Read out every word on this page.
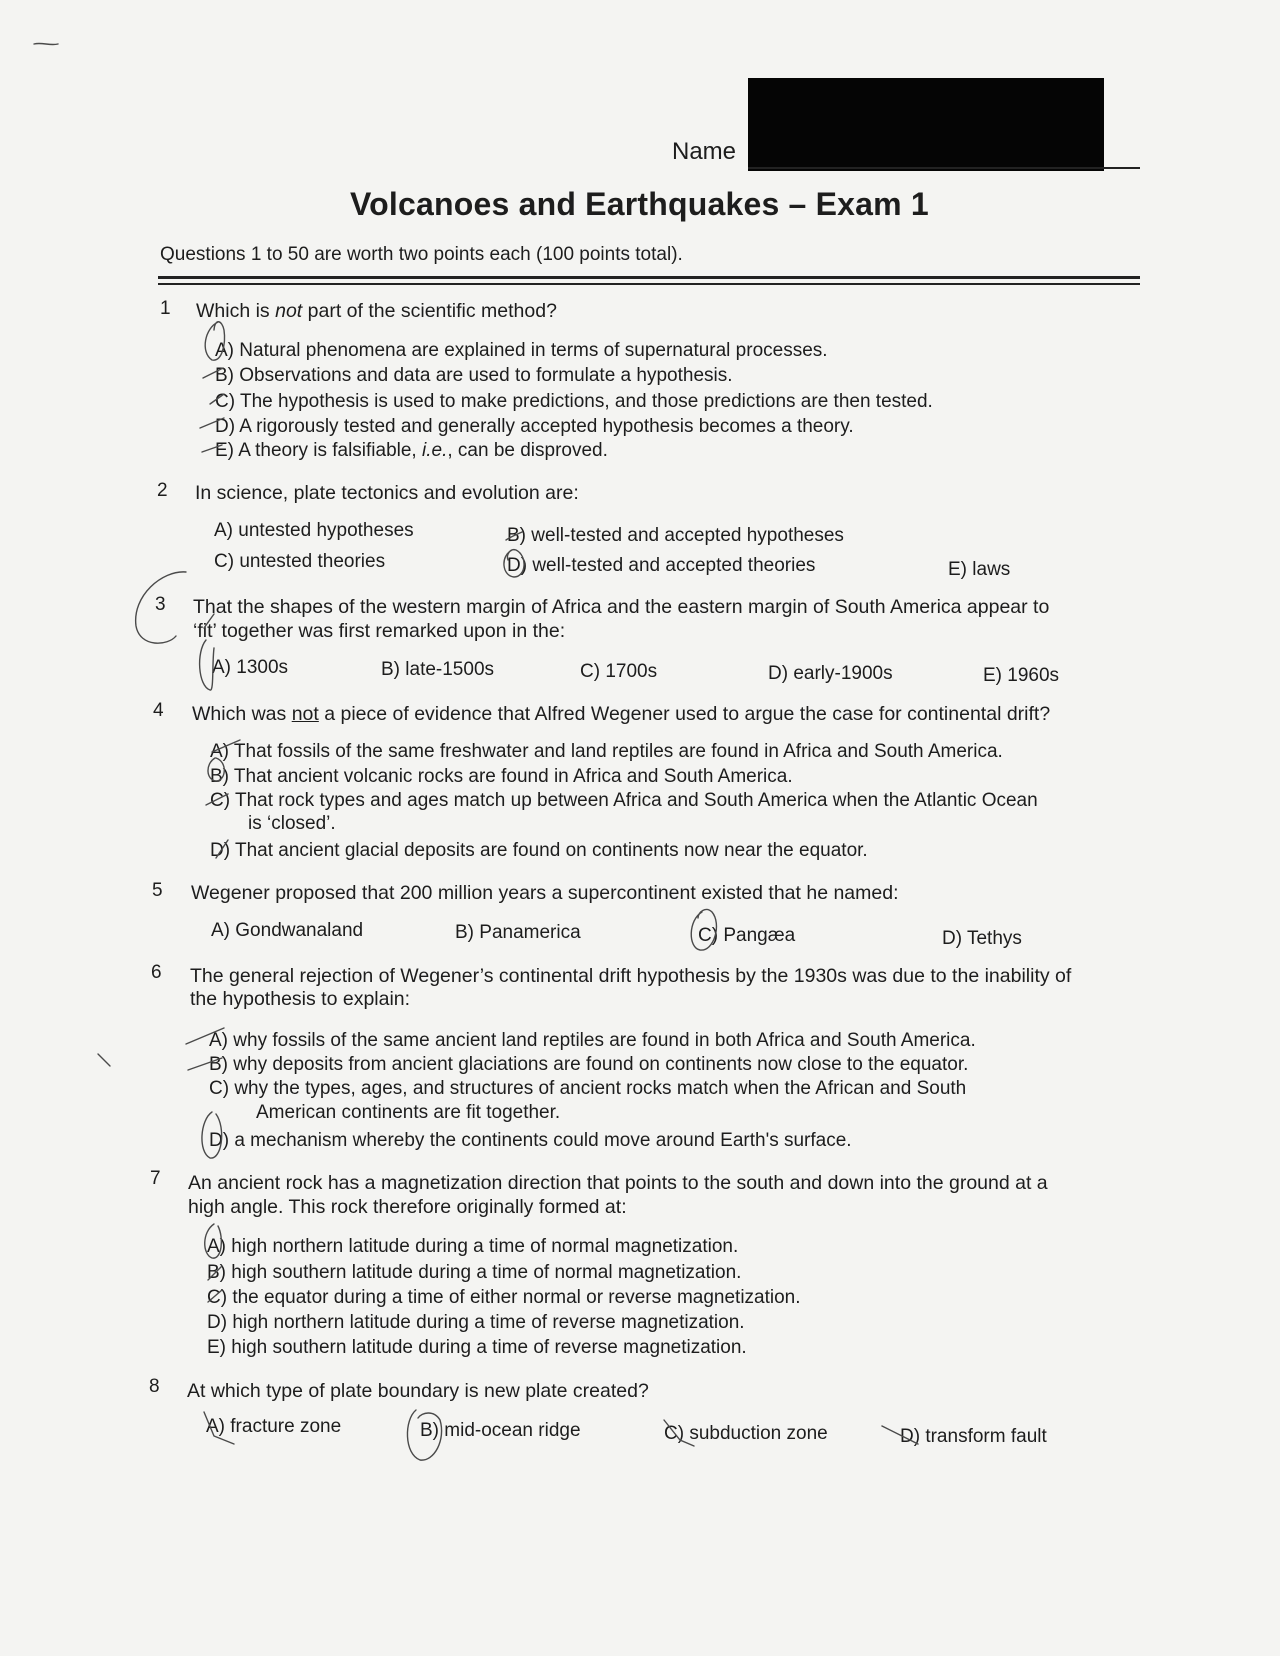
Name
Volcanoes and Earthquakes – Exam 1
Questions 1 to 50 are worth two points each (100 points total).
1 Which is not part of the scientific method?
A) Natural phenomena are explained in terms of supernatural processes.
B) Observations and data are used to formulate a hypothesis.
C) The hypothesis is used to make predictions, and those predictions are then tested.
D) A rigorously tested and generally accepted hypothesis becomes a theory.
E) A theory is falsifiable, i.e., can be disproved.
2 In science, plate tectonics and evolution are:
A) untested hypotheses	B) well-tested and accepted hypotheses
C) untested theories	D) well-tested and accepted theories	E) laws
3 That the shapes of the western margin of Africa and the eastern margin of South America appear to
‘fit’ together was first remarked upon in the:
A) 1300s	B) late-1500s	C) 1700s	D) early-1900s	E) 1960s
4 Which was not a piece of evidence that Alfred Wegener used to argue the case for continental drift?
A) That fossils of the same freshwater and land reptiles are found in Africa and South America.
B) That ancient volcanic rocks are found in Africa and South America.
C) That rock types and ages match up between Africa and South America when the Atlantic Ocean
is ‘closed’.
D) That ancient glacial deposits are found on continents now near the equator.
5 Wegener proposed that 200 million years a supercontinent existed that he named:
A) Gondwanaland	B) Panamerica	C) Pangæa	D) Tethys
6 The general rejection of Wegener’s continental drift hypothesis by the 1930s was due to the inability of
the hypothesis to explain:
A) why fossils of the same ancient land reptiles are found in both Africa and South America.
B) why deposits from ancient glaciations are found on continents now close to the equator.
C) why the types, ages, and structures of ancient rocks match when the African and South
American continents are fit together.
D) a mechanism whereby the continents could move around Earth's surface.
7 An ancient rock has a magnetization direction that points to the south and down into the ground at a
high angle. This rock therefore originally formed at:
A) high northern latitude during a time of normal magnetization.
B) high southern latitude during a time of normal magnetization.
C) the equator during a time of either normal or reverse magnetization.
D) high northern latitude during a time of reverse magnetization.
E) high southern latitude during a time of reverse magnetization.
8 At which type of plate boundary is new plate created?
A) fracture zone	B) mid-ocean ridge	C) subduction zone	D) transform fault
